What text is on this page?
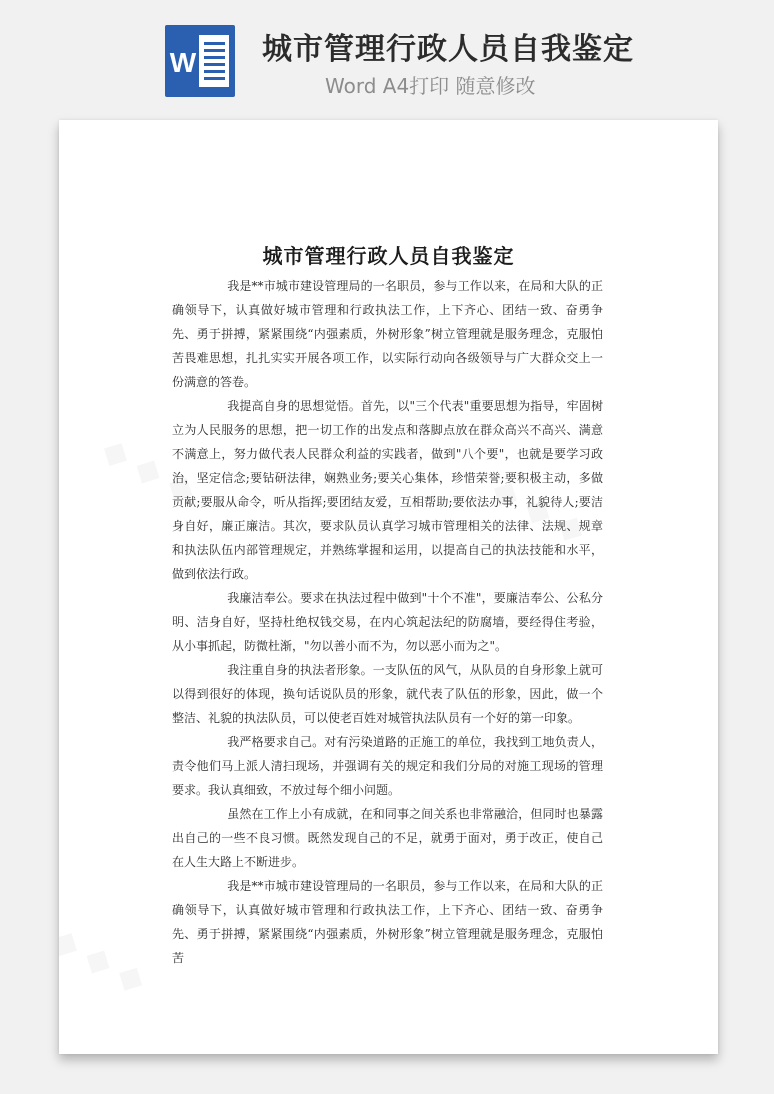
W 城市管理行政人员自我鉴定
Word A4打印 随意修改
城市管理行政人员自我鉴定

我是**市城市建设管理局的一名职员，参与工作以来，在局和大队的正确领导下，认真做好城市管理和行政执法工作，上下齐心、团结一致、奋勇争先、勇于拼搏，紧紧围绕“内强素质，外树形象”树立管理就是服务理念，克服怕苦畏难思想，扎扎实实开展各项工作，以实际行动向各级领导与广大群众交上一份满意的答卷。

我提高自身的思想觉悟。首先，以"三个代表"重要思想为指导，牢固树立为人民服务的思想，把一切工作的出发点和落脚点放在群众高兴不高兴、满意不满意上，努力做代表人民群众利益的实践者，做到"八个要"，也就是要学习政治，坚定信念;要钻研法律，娴熟业务;要关心集体，珍惜荣誉;要积极主动，多做贡献;要服从命令，听从指挥;要团结友爱，互相帮助;要依法办事，礼貌待人;要洁身自好，廉正廉洁。其次，要求队员认真学习城市管理相关的法律、法规、规章和执法队伍内部管理规定，并熟练掌握和运用，以提高自己的执法技能和水平，做到依法行政。

我廉洁奉公。要求在执法过程中做到"十个不准"，要廉洁奉公、公私分明、洁身自好，坚持杜绝权钱交易，在内心筑起法纪的防腐墙，要经得住考验，从小事抓起，防微杜渐，"勿以善小而不为，勿以恶小而为之"。

我注重自身的执法者形象。一支队伍的风气，从队员的自身形象上就可以得到很好的体现，换句话说队员的形象，就代表了队伍的形象，因此，做一个整洁、礼貌的执法队员，可以使老百姓对城管执法队员有一个好的第一印象。

我严格要求自己。对有污染道路的正施工的单位，我找到工地负责人，责令他们马上派人清扫现场，并强调有关的规定和我们分局的对施工现场的管理要求。我认真细致，不放过每个细小问题。

虽然在工作上小有成就，在和同事之间关系也非常融洽，但同时也暴露出自己的一些不良习惯。既然发现自己的不足，就勇于面对，勇于改正，使自己在人生大路上不断进步。

我是**市城市建设管理局的一名职员，参与工作以来，在局和大队的正确领导下，认真做好城市管理和行政执法工作，上下齐心、团结一致、奋勇争先、勇于拼搏，紧紧围绕“内强素质，外树形象”树立管理就是服务理念，克服怕苦
